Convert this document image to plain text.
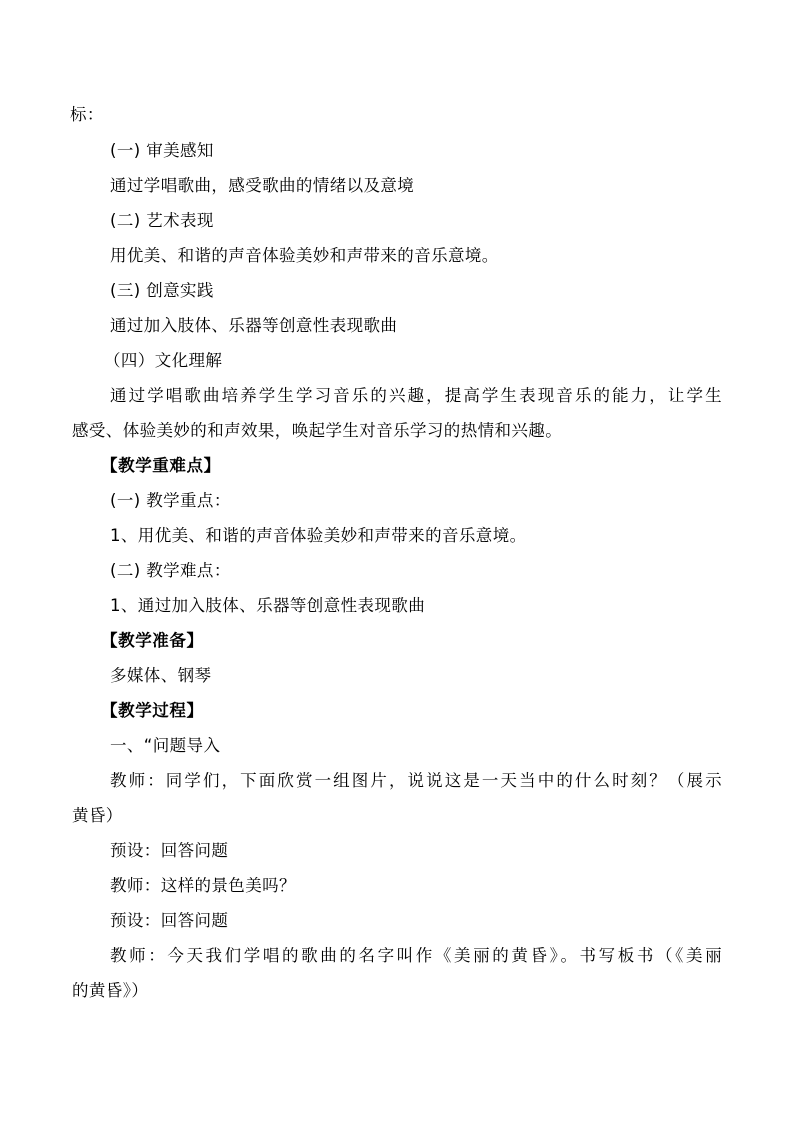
标：
(一) 审美感知
通过学唱歌曲，感受歌曲的情绪以及意境
(二) 艺术表现
用优美、和谐的声音体验美妙和声带来的音乐意境。
(三) 创意实践
通过加入肢体、乐器等创意性表现歌曲
（四）文化理解
通过学唱歌曲培养学生学习音乐的兴趣，提高学生表现音乐的能力，让学生
感受、体验美妙的和声效果，唤起学生对音乐学习的热情和兴趣。
【教学重难点】
(一) 教学重点：
1、用优美、和谐的声音体验美妙和声带来的音乐意境。
(二) 教学难点：
1、通过加入肢体、乐器等创意性表现歌曲
【教学准备】
多媒体、钢琴
【教学过程】
一、“问题导入
教师：同学们，下面欣赏一组图片，说说这是一天当中的什么时刻？（展示
黄昏）
预设：回答问题
教师：这样的景色美吗？
预设：回答问题
教师：今天我们学唱的歌曲的名字叫作《美丽的黄昏》。书写板书（《美丽
的黄昏》）
